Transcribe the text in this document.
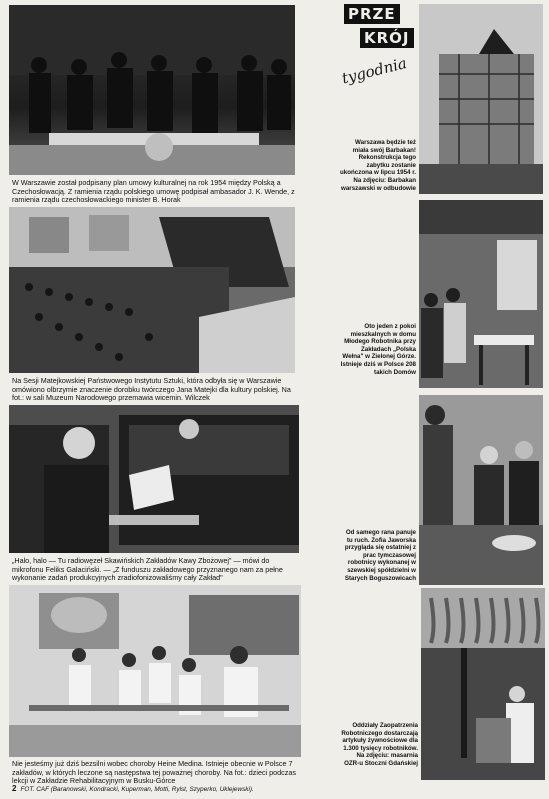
PRZE
KRÓJ
tygodnia
W Warszawie został podpisany plan umowy kulturalnej na rok 1954 między Polską a Czechosłowacją. Z ramienia rządu polskiego umowę podpisał ambasador J. K. Wende, z ramienia rządu czechosłowackiego minister B. Horak
Na Sesji Matejkowskiej Państwowego Instytutu Sztuki, która odbyła się w Warszawie omówiono olbrzymie znaczenie dorobku twórczego Jana Matejki dla kultury polskiej. Na fot.: w sali Muzeum Narodowego przemawia wicemin. Wilczek
„Halo, halo — Tu radiowęzeł Skawińskich Zakładów Kawy Zbożowej" — mówi do mikrofonu Feliks Galaciński. — „Z funduszu zakładowego przyznanego nam za pełne wykonanie zadań produkcyjnych zradiofonizowaliśmy cały Zakład"
Nie jesteśmy już dziś bezsilni wobec choroby Heine Medina. Istnieje obecnie w Polsce 7 zakładów, w których leczone są następstwa tej poważnej choroby. Na fot.: dzieci podczas lekcji w Zakładzie Rehabilitacyjnym w Busku-Górce
Warszawa będzie też miała swój Barbakan! Rekonstrukcja tego zabytku zostanie ukończona w lipcu 1954 r. Na zdjęciu: Barbakan warszawski w odbudowie
Oto jeden z pokoi mieszkalnych w domu Młodego Robotnika przy Zakładach „Polska Wełna" w Zielonej Górze. Istnieje dziś w Polsce 208 takich Domów
Od samego rana panuje tu ruch. Zofia Jaworska przygląda się ostatniej z prac tymczasowej robotnicy wykonanej w szewskiej spółdzielni w Starych Boguszowicach
Oddziały Zaopatrzenia Robotniczego dostarczają artykuły żywnościowe dla 1.300 tysięcy robotników. Na zdjęciu: masarnia OZR-u Stoczni Gdańskiej
2 FOT. CAF (Baranowski, Kondracki, Kuperman, Motti, Rylst, Szyperko, Uklejewski).
